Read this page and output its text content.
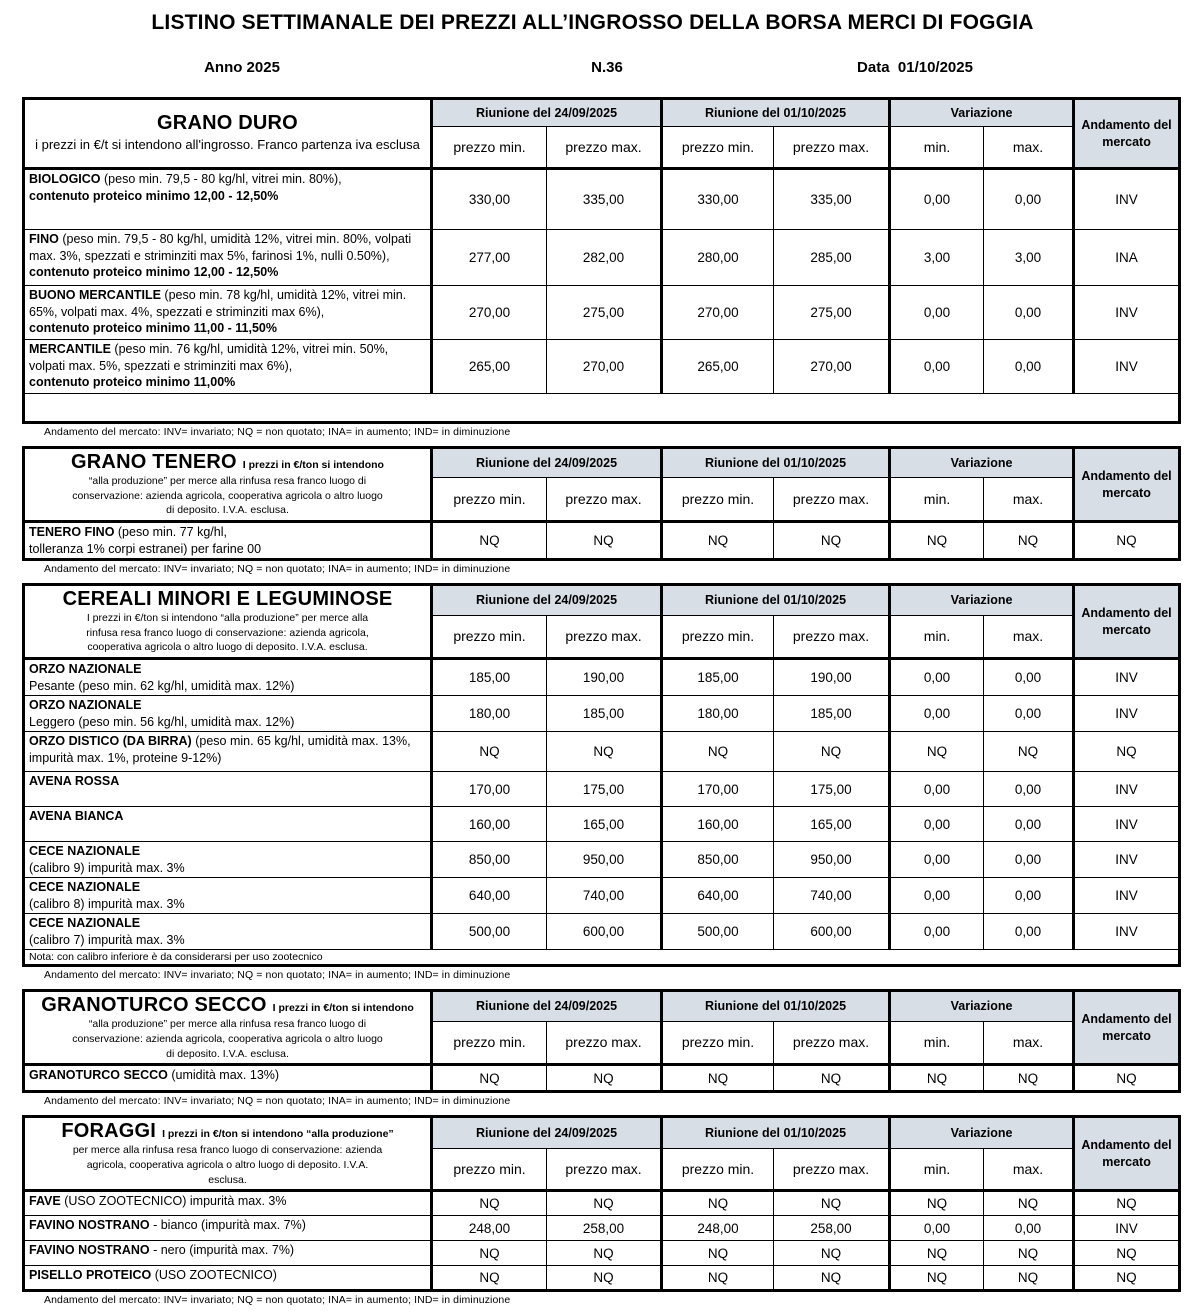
LISTINO SETTIMANALE DEI PREZZI ALL’INGROSSO DELLA BORSA MERCI DI FOGGIA
Anno 2025	N.36	Data  01/10/2025
GRANO DURO
i prezzi in €/t si intendono all'ingrosso. Franco partenza iva esclusa	Riunione del 24/09/2025		Riunione del 01/10/2025		Variazione		Andamento del mercato
	prezzo min.	prezzo max.	prezzo min.	prezzo max.	min.	max.	

BIOLOGICO (peso min. 79,5 - 80 kg/hl, vitrei min. 80%),
contenuto proteico minimo 12,00 - 12,50%	330,00	335,00	330,00	335,00	0,00	0,00	INV

FINO (peso min. 79,5 - 80 kg/hl, umidità 12%, vitrei min. 80%, volpati max. 3%, spezzati e striminziti max 5%, farinosi 1%, nulli 0.50%),
contenuto proteico minimo 12,00 - 12,50%	277,00	282,00	280,00	285,00	3,00	3,00	INA

BUONO MERCANTILE (peso min. 78 kg/hl, umidità 12%, vitrei min. 65%, volpati max. 4%, spezzati e striminziti max 6%),
contenuto proteico minimo 11,00 - 11,50%	270,00	275,00	270,00	275,00	0,00	0,00	INV

MERCANTILE (peso min. 76 kg/hl, umidità 12%, vitrei min. 50%, volpati max. 5%, spezzati e striminziti max 6%),
contenuto proteico minimo 11,00%	265,00	270,00	265,00	270,00	0,00	0,00	INV

Andamento del mercato: INV= invariato; NQ = non quotato; INA= in aumento; IND= in diminuzione
GRANO TENERO I prezzi in €/ton si intendono
“alla produzione” per merce alla rinfusa resa franco luogo di
conservazione: azienda agricola, cooperativa agricola o altro luogo
di deposito. I.V.A. esclusa.	Riunione del 24/09/2025		Riunione del 01/10/2025		Variazione		Andamento del mercato
	prezzo min.	prezzo max.	prezzo min.	prezzo max.	min.	max.	

TENERO FINO (peso min. 77 kg/hl,
tolleranza 1% corpi estranei) per farine 00	NQ	NQ	NQ	NQ	NQ	NQ	NQ
Andamento del mercato: INV= invariato; NQ = non quotato; INA= in aumento; IND= in diminuzione
CEREALI MINORI E LEGUMINOSE
I prezzi in €/ton si intendono “alla produzione” per merce alla
rinfusa resa franco luogo di conservazione: azienda agricola,
cooperativa agricola o altro luogo di deposito. I.V.A. esclusa.	Riunione del 24/09/2025		Riunione del 01/10/2025		Variazione		Andamento del mercato
	prezzo min.	prezzo max.	prezzo min.	prezzo max.	min.	max.	

ORZO NAZIONALE
Pesante (peso min. 62 kg/hl, umidità max. 12%)	185,00	190,00	185,00	190,00	0,00	0,00	INV

ORZO NAZIONALE
Leggero (peso min. 56 kg/hl, umidità max. 12%)	180,00	185,00	180,00	185,00	0,00	0,00	INV

ORZO DISTICO (DA BIRRA) (peso min. 65 kg/hl, umidità max. 13%, impurità max. 1%, proteine 9-12%)	NQ	NQ	NQ	NQ	NQ	NQ	NQ

AVENA ROSSA	170,00	175,00	170,00	175,00	0,00	0,00	INV

AVENA BIANCA	160,00	165,00	160,00	165,00	0,00	0,00	INV

CECE NAZIONALE
(calibro 9) impurità max. 3%	850,00	950,00	850,00	950,00	0,00	0,00	INV

CECE NAZIONALE
(calibro 8) impurità max. 3%	640,00	740,00	640,00	740,00	0,00	0,00	INV

CECE NAZIONALE
(calibro 7) impurità max. 3%	500,00	600,00	500,00	600,00	0,00	0,00	INV
Nota: con calibro inferiore è da considerarsi per uso zootecnico							
Andamento del mercato: INV= invariato; NQ = non quotato; INA= in aumento; IND= in diminuzione
GRANOTURCO SECCO I prezzi in €/ton si intendono
“alla produzione” per merce alla rinfusa resa franco luogo di
conservazione: azienda agricola, cooperativa agricola o altro luogo
di deposito. I.V.A. esclusa.	Riunione del 24/09/2025		Riunione del 01/10/2025		Variazione		Andamento del mercato
	prezzo min.	prezzo max.	prezzo min.	prezzo max.	min.	max.	

GRANOTURCO SECCO (umidità max. 13%)	NQ	NQ	NQ	NQ	NQ	NQ	NQ
Andamento del mercato: INV= invariato; NQ = non quotato; INA= in aumento; IND= in diminuzione
FORAGGI I prezzi in €/ton si intendono “alla produzione”
per merce alla rinfusa resa franco luogo di conservazione: azienda
agricola, cooperativa agricola o altro luogo di deposito. I.V.A.
esclusa.	Riunione del 24/09/2025		Riunione del 01/10/2025		Variazione		Andamento del mercato
	prezzo min.	prezzo max.	prezzo min.	prezzo max.	min.	max.	

FAVE (USO ZOOTECNICO) impurità max. 3%	NQ	NQ	NQ	NQ	NQ	NQ	NQ

FAVINO NOSTRANO - bianco (impurità max. 7%)	248,00	258,00	248,00	258,00	0,00	0,00	INV

FAVINO NOSTRANO - nero (impurità max. 7%)	NQ	NQ	NQ	NQ	NQ	NQ	NQ

PISELLO PROTEICO (USO ZOOTECNICO)	NQ	NQ	NQ	NQ	NQ	NQ	NQ
Andamento del mercato: INV= invariato; NQ = non quotato; INA= in aumento; IND= in diminuzione
